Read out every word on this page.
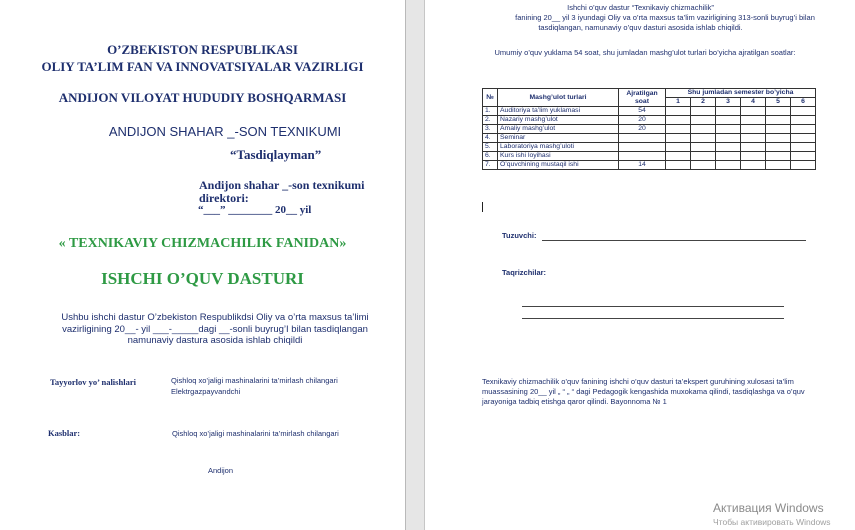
O’ZBEKISTON RESPUBLIKASI
OLIY TA’LIM FAN VA INNOVATSIYALAR VAZIRLIGI
ANDIJON VILOYAT HUDUDIY BOSHQARMASI
ANDIJON SHAHAR _-SON TEXNIKUMI
“Tasdiqlayman”
Andijon shahar _-son texnikumi
direktori:
“___” ________ 20__ yil
« TEXNIKAVIY CHIZMACHILIK FANIDAN»
ISHCHI O’QUV DASTURI
Ushbu ishchi dastur O’zbekiston Respublikdsi Oliy va o’rta maxsus ta’limi vazirligining 20__- yil ___-_____dagi __-sonli buyrug’I bilan tasdiqlangan namunaviy dastura asosida ishlab chiqildi
Tayyorlov yo’ nalishlari	Qishloq xo’jaligi mashinalarini ta’mirlash chilangari
Elektrgazpayvandchi
Kasblar:	Qishloq xo’jaligi mashinalarini ta’mirlash chilangari
Andijon
Ishchi o’quv dastur “Texnikaviy chizmachilik”
fanining 20__ yil 3 iyundagi Oliy va o’rta maxsus ta’lim vazirligining 313-sonli buyrug’i bilan
tasdiqlangan, namunaviy o’quv dasturi asosida ishlab chiqildi.
Umumiy o’quv yuklama 54 soat, shu jumladan mashg’ulot turlari bo’yicha ajratilgan soatlar:
№	Mashg’ulot turlari	Ajratilgan soat	Shu jumladan semester bo’yicha					
			1	2	3	4	5	6
1.	Auditoriya ta’lim yuklamasi	54						
2.	Nazariy mashg’ulot	20						
3.	Amaliy mashg’ulot	20						
4.	Seminar							
5.	Laboratoriya mashg’uloti							
6.	Kurs ishi loyihasi							
7.	O’quvchining mustaqil ishi	14						
Tuzuvchi:
Taqrizchilar:
Texnikaviy chizmachilik o’quv fanining ishchi o’quv dasturi ta’ekspert guruhining xulosasi ta’lim muassasining 20__ yil „ “ „ “ dagi Pedagogik kengashida muxokama qilindi, tasdiqlashga va o’quv jarayoniga tadbiq etishga qaror qilindi. Bayonnoma № 1
Активация Windows
Чтобы активировать Windows
